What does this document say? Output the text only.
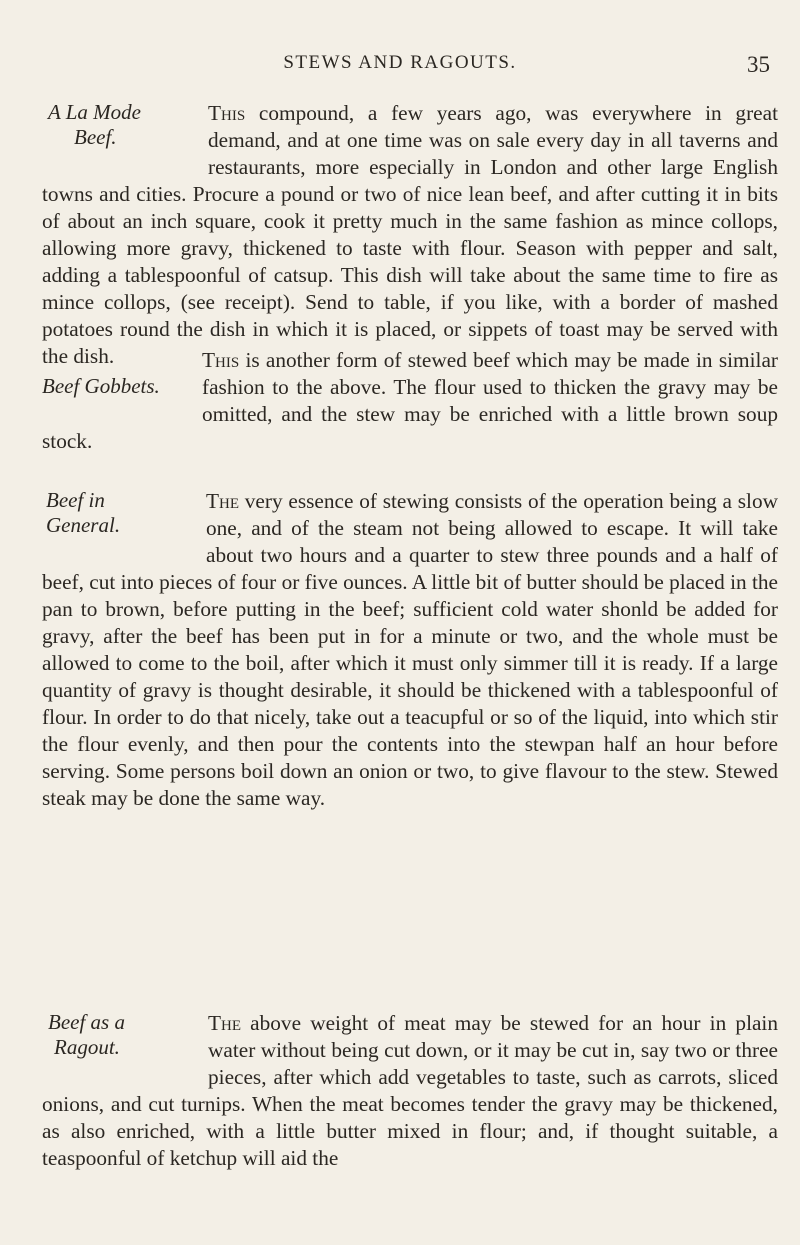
STEWS AND RAGOUTS.	35
A La Mode
Beef.

This compound, a few years ago, was everywhere in great demand, and at one time was on sale every day in all taverns and restaurants, more especially in London and other large English towns and cities. Procure a pound or two of nice lean beef, and after cutting it in bits of about an inch square, cook it pretty much in the same fashion as mince collops, allowing more gravy, thickened to taste with flour. Season with pepper and salt, adding a tablespoonful of catsup. This dish will take about the same time to fire as mince collops, (see receipt). Send to table, if you like, with a border of mashed potatoes round the dish in which it is placed, or sippets of toast may be served with the dish.

Beef Gobbets.

This is another form of stewed beef which may be made in similar fashion to the above. The flour used to thicken the gravy may be omitted, and the stew may be enriched with a little brown soup stock.

Beef in
General.

The very essence of stewing consists of the operation being a slow one, and of the steam not being allowed to escape. It will take about two hours and a quarter to stew three pounds and a half of beef, cut into pieces of four or five ounces. A little bit of butter should be placed in the pan to brown, before putting in the beef; sufficient cold water shonld be added for gravy, after the beef has been put in for a minute or two, and the whole must be allowed to come to the boil, after which it must only simmer till it is ready. If a large quantity of gravy is thought desirable, it should be thickened with a tablespoonful of flour. In order to do that nicely, take out a teacupful or so of the liquid, into which stir the flour evenly, and then pour the contents into the stewpan half an hour before serving. Some persons boil down an onion or two, to give flavour to the stew. Stewed steak may be done the same way.

Beef as a
Ragout.

The above weight of meat may be stewed for an hour in plain water without being cut down, or it may be cut in, say two or three pieces, after which add vegetables to taste, such as carrots, sliced onions, and cut turnips. When the meat becomes tender the gravy may be thickened, as also enriched, with a little butter mixed in flour; and, if thought suitable, a teaspoonful of ketchup will aid the
